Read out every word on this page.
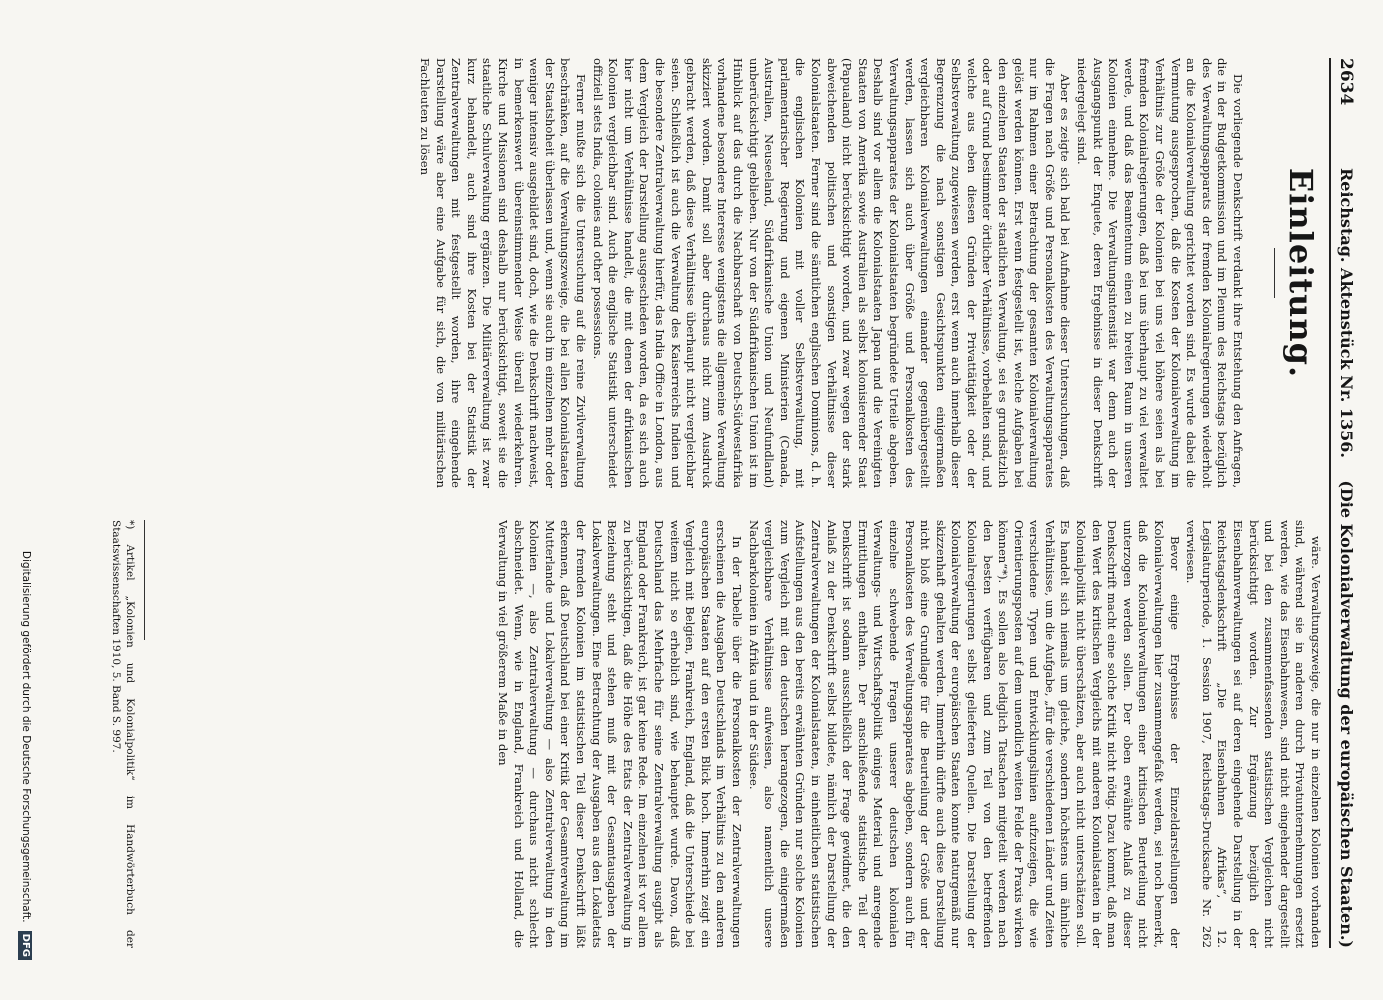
2634
Reichstag. Aktenstück Nr. 1356.
(Die Kolonialverwaltung der europäischen Staaten.)
Einleitung.

Die vorliegende Denkschrift verdankt ihre Entstehung den Anfragen, die in der Budgetkommission und im Plenum des Reichstags bezüglich des Verwaltungsapparats der fremden Kolonialregierungen wiederholt an die Kolonialverwaltung gerichtet worden sind. Es wurde dabei die Vermutung ausgesprochen, daß die Kosten der Kolonialverwaltung im Verhältnis zur Größe der Kolonien bei uns viel höhere seien als bei fremden Kolonialregierungen, daß bei uns überhaupt zu viel verwaltet werde, und daß das Beamtentum einen zu breiten Raum in unseren Kolonien einnehme. Die Verwaltungsintensität war denn auch der Ausgangspunkt der Enquete, deren Ergebnisse in dieser Denkschrift niedergelegt sind.

Aber es zeigte sich bald bei Aufnahme dieser Untersuchungen, daß die Fragen nach Größe und Personalkosten des Verwaltungsapparates nur im Rahmen einer Betrachtung der gesamten Kolonialverwaltung gelöst werden können. Erst wenn festgestellt ist, welche Aufgaben bei den einzelnen Staaten der staatlichen Verwaltung, sei es grundsätzlich oder auf Grund bestimmter örtlicher Verhältnisse, vorbehalten sind, und welche aus eben diesen Gründen der Privattätigkeit oder der Selbstverwaltung zugewiesen werden, erst wenn auch innerhalb dieser Begrenzung die nach sonstigen Gesichtspunkten einigermaßen vergleichbaren Kolonialverwaltungen einander gegenübergestellt werden, lassen sich auch über Größe und Personalkosten des Verwaltungsapparates der Kolonialstaaten begründete Urteile abgeben. Deshalb sind vor allem die Kolonialstaaten Japan und die Vereinigten Staaten von Amerika sowie Australien als selbst kolonisierender Staat (Papualand) nicht berücksichtigt worden, und zwar wegen der stark abweichenden politischen und sonstigen Verhältnisse dieser Kolonialstaaten. Ferner sind die sämtlichen englischen Dominions, d. h. die englischen Kolonien mit voller Selbstverwaltung, mit parlamentarischer Regierung und eigenen Ministerien (Canada, Australien, Neuseeland, Südafrikanische Union und Neufundland) unberücksichtigt geblieben. Nur von der Südafrikanischen Union ist im Hinblick auf das durch die Nachbarschaft von Deutsch-Südwestafrika vorhandene besondere Interesse wenigstens die allgemeine Verwaltung skizziert worden. Damit soll aber durchaus nicht zum Ausdruck gebracht werden, daß diese Verhältnisse überhaupt nicht vergleichbar seien. Schließlich ist auch die Verwaltung des Kaiserreichs Indien und die besondere Zentralverwaltung hierfür, das India Office in London, aus dem Vergleich der Darstellung ausgeschieden worden, da es sich auch hier nicht um Verhältnisse handelt, die mit denen der afrikanischen Kolonien vergleichbar sind. Auch die englische Statistik unterscheidet offiziell stets India, colonies and other possessions.

Ferner mußte sich die Untersuchung auf die reine Zivilverwaltung beschränken, auf die Verwaltungszweige, die bei allen Kolonialstaaten der Staatshoheit überlassen und, wenn sie auch im einzelnen mehr oder weniger intensiv ausgebildet sind, doch, wie die Denkschrift nachweist, in bemerkenswert übereinstimmender Weise überall wiederkehren. Kirche und Missionen sind deshalb nur berücksichtigt, soweit sie die staatliche Schulverwaltung ergänzen. Die Militärverwaltung ist zwar kurz behandelt, auch sind ihre Kosten bei der Statistik der Zentralverwaltungen mit festgestellt worden, ihre eingehende Darstellung wäre aber eine Aufgabe für sich, die von militärischen Fachleuten zu lösen

wäre. Verwaltungszweige, die nur in einzelnen Kolonien vorhanden sind, während sie in anderen durch Privatunternehmungen ersetzt werden, wie das Eisenbahnwesen, sind nicht eingehender dargestellt und bei den zusammenfassenden statistischen Vergleichen nicht berücksichtigt worden. Zur Ergänzung bezüglich der Eisenbahnverwaltungen sei auf deren eingehende Darstellung in der Reichstagsdenkschrift „Die Eisenbahnen Afrikas“, 12. Legislaturperiode, 1. Session 1907, Reichstags-Drucksache Nr. 262 verwiesen.

Bevor einige Ergebnisse der Einzeldarstellungen der Kolonialverwaltungen hier zusammengefaßt werden, sei noch bemerkt, daß die Kolonialverwaltungen einer kritischen Beurteilung nicht unterzogen werden sollen. Der oben erwähnte Anlaß zu dieser Denkschrift macht eine solche Kritik nicht nötig. Dazu kommt, daß man den Wert des kritischen Vergleichs mit anderen Kolonialstaaten in der Kolonialpolitik nicht überschätzen, aber auch nicht unterschätzen soll. Es handelt sich niemals um gleiche, sondern höchstens um ähnliche Verhältnisse, um die Aufgabe, „für die verschiedenen Länder und Zeiten verschiedene Typen und Entwicklungslinien aufzuzeigen, die wie Orientierungsposten auf dem unendlich weiten Felde der Praxis wirken können“*). Es sollen also lediglich Tatsachen mitgeteilt werden nach den besten verfügbaren und zum Teil von den betreffenden Kolonialregierungen selbst gelieferten Quellen. Die Darstellung der Kolonialverwaltung der europäischen Staaten konnte naturgemäß nur skizzenhaft gehalten werden. Immerhin dürfte auch diese Darstellung nicht bloß eine Grundlage für die Beurteilung der Größe und der Personalkosten des Verwaltungsapparates abgeben, sondern auch für einzelne schwebende Fragen unserer deutschen kolonialen Verwaltungs- und Wirtschaftspolitik einiges Material und anregende Ermittlungen enthalten. Der anschließende statistische Teil der Denkschrift ist sodann ausschließlich der Frage gewidmet, die den Anlaß zu der Denkschrift selbst bildete, nämlich der Darstellung der Zentralverwaltungen der Kolonialstaaten, in einheitlichen statistischen Aufstellungen aus den bereits erwähnten Gründen nur solche Kolonien zum Vergleich mit den deutschen herangezogen, die einigermaßen vergleichbare Verhältnisse aufweisen, also namentlich unsere Nachbarkolonien in Afrika und in der Südsee.

In der Tabelle über die Personalkosten der Zentralverwaltungen erscheinen die Ausgaben Deutschlands im Verhältnis zu den anderen europäischen Staaten auf den ersten Blick hoch. Immerhin zeigt ein Vergleich mit Belgien, Frankreich, England, daß die Unterschiede bei weitem nicht so erheblich sind, wie behauptet wurde. Davon, daß Deutschland das Mehrfache für seine Zentralverwaltung ausgibt als England oder Frankreich, ist gar keine Rede. Im einzelnen ist vor allem zu berücksichtigen, daß die Höhe des Etats der Zentralverwaltung in Beziehung steht und stehen muß mit der Gesamtausgaben der Lokalverwaltungen. Eine Betrachtung der Ausgaben aus den Lokaletats der fremden Kolonien im statistischen Teil dieser Denkschrift läßt erkennen, daß Deutschland bei einer Kritik der Gesamtverwaltung im Mutterlande und Lokalverwaltung — also Zentralverwaltung in den Kolonien —, also Zentralverwaltung — durchaus nicht schlecht abschneidet. Wenn, wie in England, Frankreich und Holland, die Verwaltung in viel größerem Maße in den

*) Artikel „Kolonien und Kolonialpolitik“ im Handwörterbuch der Staatswissenschaften 1910, 5. Band S. 997.
Digitalisierung gefördert durch die Deutsche Forschungsgemeinschaft.DFG
